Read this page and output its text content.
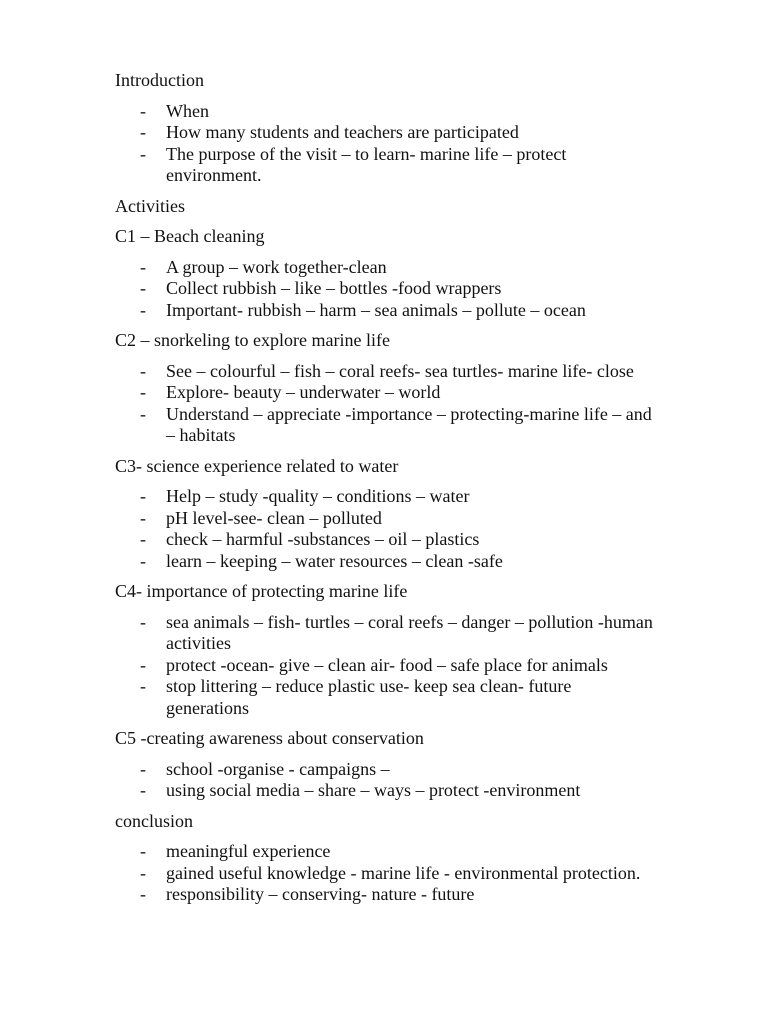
Introduction

- When
- How many students and teachers are participated
- The purpose of the visit – to learn- marine life – protect environment.

Activities

C1 – Beach cleaning

- A group – work together-clean
- Collect rubbish – like – bottles -food wrappers
- Important- rubbish – harm – sea animals – pollute – ocean

C2 – snorkeling to explore marine life

- See – colourful – fish – coral reefs- sea turtles- marine life- close
- Explore- beauty – underwater – world
- Understand – appreciate -importance – protecting-marine life – and – habitats

C3- science experience related to water

- Help – study -quality – conditions – water
- pH level-see- clean – polluted
- check – harmful -substances – oil – plastics
- learn – keeping – water resources – clean -safe

C4- importance of protecting marine life

- sea animals – fish- turtles – coral reefs – danger – pollution -human activities
- protect -ocean- give – clean air- food – safe place for animals
- stop littering – reduce plastic use- keep sea clean- future generations

C5 -creating awareness about conservation

- school -organise - campaigns –
- using social media – share – ways – protect -environment

conclusion

- meaningful experience
- gained useful knowledge - marine life - environmental protection.
- responsibility – conserving- nature - future
